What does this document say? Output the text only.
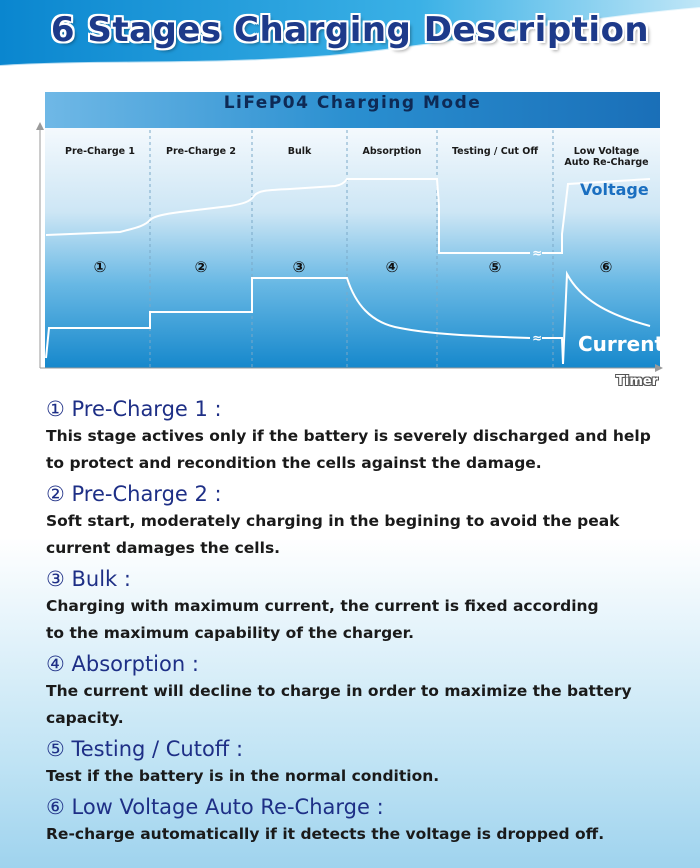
6 Stages Charging Description
≈
≈
LiFeP04 Charging Mode
Pre-Charge 1	Pre-Charge 2	Bulk	Absorption	Testing / Cut Off	Low Voltage
Auto Re-Charge
①	②	③	④	⑤	⑥
Voltage
Current
Timer
① Pre-Charge 1 :
This stage actives only if the battery is severely discharged and help
to protect and recondition the cells against the damage.
② Pre-Charge 2 :
Soft start, moderately charging in the begining to avoid the peak
current damages the cells.
③ Bulk :
Charging with maximum current, the current is fixed according
to the maximum capability of the charger.
④ Absorption :
The current will decline to charge in order to maximize the battery
capacity.
⑤ Testing / Cutoff :
Test if the battery is in the normal condition.
⑥ Low Voltage Auto Re-Charge :
Re-charge automatically if it detects the voltage is dropped off.
